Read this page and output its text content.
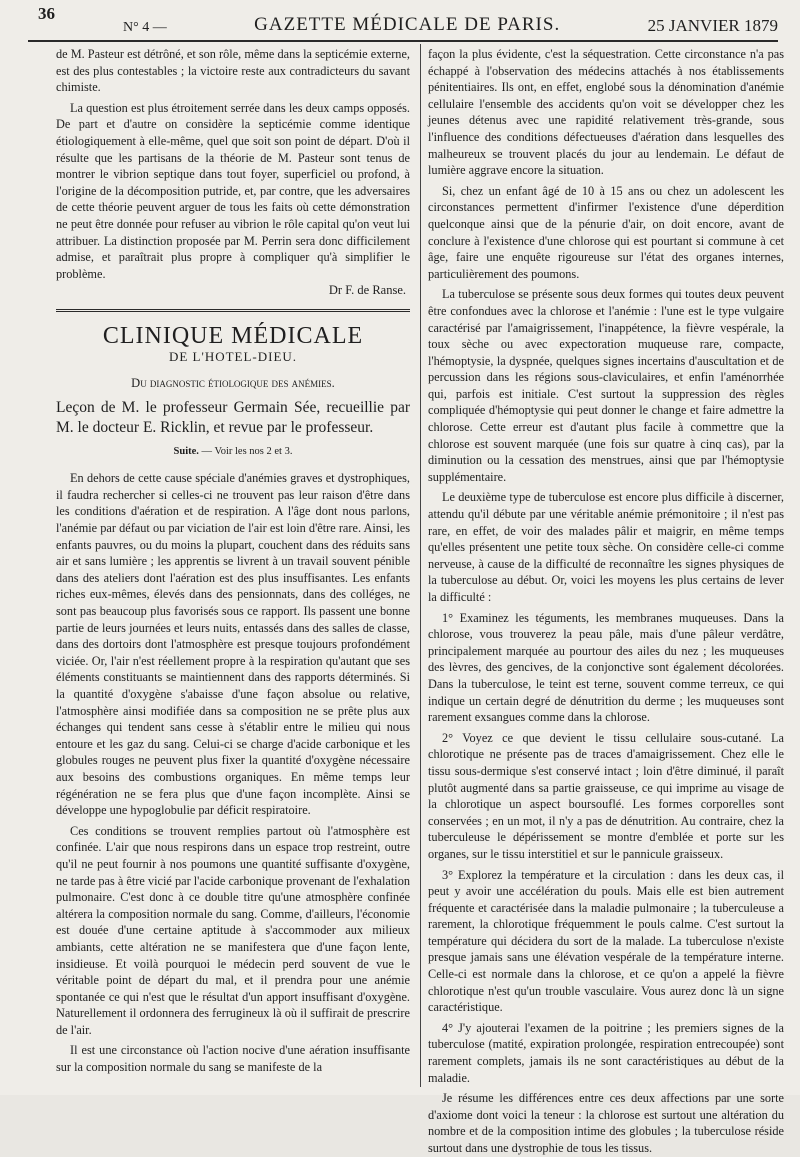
36
N° 4 —	GAZETTE MÉDICALE DE PARIS.	25 JANVIER 1879

de M. Pasteur est détrôné, et son rôle, même dans la septicémie externe, est des plus contestables ; la victoire reste aux contradicteurs du savant chimiste.

La question est plus étroitement serrée dans les deux camps opposés. De part et d'autre on considère la septicémie comme identique étiologiquement à elle-même, quel que soit son point de départ. D'où il résulte que les partisans de la théorie de M. Pasteur sont tenus de montrer le vibrion septique dans tout foyer, superficiel ou profond, à l'origine de la décomposition putride, et, par contre, que les adversaires de cette théorie peuvent arguer de tous les faits où cette démonstration ne peut être donnée pour refuser au vibrion le rôle capital qu'on veut lui attribuer. La distinction proposée par M. Perrin sera donc difficilement admise, et paraîtrait plus propre à compliquer qu'à simplifier le problème.

Dr F. de Ranse.
CLINIQUE MÉDICALE
DE L'HOTEL-DIEU.
Du diagnostic étiologique des anémies.
Leçon de M. le professeur Germain Sée, recueillie par M. le docteur E. Ricklin, et revue par le professeur.
Suite. — Voir les nos 2 et 3.

En dehors de cette cause spéciale d'anémies graves et dystrophiques, il faudra rechercher si celles-ci ne trouvent pas leur raison d'être dans les conditions d'aération et de respiration. A l'âge dont nous parlons, l'anémie par défaut ou par viciation de l'air est loin d'être rare. Ainsi, les enfants pauvres, ou du moins la plupart, couchent dans des réduits sans air et sans lumière ; les apprentis se livrent à un travail souvent pénible dans des ateliers dont l'aération est des plus insuffisantes. Les enfants riches eux-mêmes, élevés dans des pensionnats, dans des colléges, ne sont pas beaucoup plus favorisés sous ce rapport. Ils passent une bonne partie de leurs journées et leurs nuits, entassés dans des salles de classe, dans des dortoirs dont l'atmosphère est presque toujours profondément viciée. Or, l'air n'est réellement propre à la respiration qu'autant que ses éléments constituants se maintiennent dans des rapports déterminés. Si la quantité d'oxygène s'abaisse d'une façon absolue ou relative, l'atmosphère ainsi modifiée dans sa composition ne se prête plus aux échanges qui tendent sans cesse à s'établir entre le milieu qui nous entoure et les gaz du sang. Celui-ci se charge d'acide carbonique et les globules rouges ne peuvent plus fixer la quantité d'oxygène nécessaire aux besoins des combustions organiques. En même temps leur régénération ne se fera plus que d'une façon incomplète. Ainsi se développe une hypoglobulie par déficit respiratoire.

Ces conditions se trouvent remplies partout où l'atmosphère est confinée. L'air que nous respirons dans un espace trop restreint, outre qu'il ne peut fournir à nos poumons une quantité suffisante d'oxygène, ne tarde pas à être vicié par l'acide carbonique provenant de l'exhalation pulmonaire. C'est donc à ce double titre qu'une atmosphère confinée altérera la composition normale du sang. Comme, d'ailleurs, l'économie est douée d'une certaine aptitude à s'accommoder aux milieux ambiants, cette altération ne se manifestera que d'une façon lente, insidieuse. Et voilà pourquoi le médecin perd souvent de vue le véritable point de départ du mal, et il prendra pour une anémie spontanée ce qui n'est que le résultat d'un apport insuffisant d'oxygène. Naturellement il ordonnera des ferrugineux là où il suffirait de prescrire de l'air.

Il est une circonstance où l'action nocive d'une aération insuffisante sur la composition normale du sang se manifeste de la

façon la plus évidente, c'est la séquestration. Cette circonstance n'a pas échappé à l'observation des médecins attachés à nos établissements pénitentiaires. Ils ont, en effet, englobé sous la dénomination d'anémie cellulaire l'ensemble des accidents qu'on voit se développer chez les jeunes détenus avec une rapidité relativement très-grande, sous l'influence des conditions défectueuses d'aération dans lesquelles des malheureux se trouvent placés du jour au lendemain. Le défaut de lumière aggrave encore la situation.

Si, chez un enfant âgé de 10 à 15 ans ou chez un adolescent les circonstances permettent d'infirmer l'existence d'une déperdition quelconque ainsi que de la pénurie d'air, on doit encore, avant de conclure à l'existence d'une chlorose qui est pourtant si commune à cet âge, faire une enquête rigoureuse sur l'état des organes internes, particulièrement des poumons.

La tuberculose se présente sous deux formes qui toutes deux peuvent être confondues avec la chlorose et l'anémie : l'une est le type vulgaire caractérisé par l'amaigrissement, l'inappétence, la fièvre vespérale, la toux sèche ou avec expectoration muqueuse rare, compacte, l'hémoptysie, la dyspnée, quelques signes incertains d'auscultation et de percussion dans les régions sous-claviculaires, et enfin l'aménorrhée qui, parfois est initiale. C'est surtout la suppression des règles compliquée d'hémoptysie qui peut donner le change et faire admettre la chlorose. Cette erreur est d'autant plus facile à commettre que la chlorose est souvent marquée (une fois sur quatre à cinq cas), par la diminution ou la cessation des menstrues, ainsi que par l'hémoptysie supplémentaire.

Le deuxième type de tuberculose est encore plus difficile à discerner, attendu qu'il débute par une véritable anémie prémonitoire ; il n'est pas rare, en effet, de voir des malades pâlir et maigrir, en même temps qu'elles présentent une petite toux sèche. On considère celle-ci comme nerveuse, à cause de la difficulté de reconnaître les signes physiques de la tuberculose au début. Or, voici les moyens les plus certains de lever la difficulté :

1° Examinez les téguments, les membranes muqueuses. Dans la chlorose, vous trouverez la peau pâle, mais d'une pâleur verdâtre, principalement marquée au pourtour des ailes du nez ; les muqueuses des lèvres, des gencives, de la conjonctive sont également décolorées. Dans la tuberculose, le teint est terne, souvent comme terreux, ce qui indique un certain degré de dénutrition du derme ; les muqueuses sont rarement exsangues comme dans la chlorose.

2° Voyez ce que devient le tissu cellulaire sous-cutané. La chlorotique ne présente pas de traces d'amaigrissement. Chez elle le tissu sous-dermique s'est conservé intact ; loin d'être diminué, il paraît plutôt augmenté dans sa partie graisseuse, ce qui imprime au visage de la chlorotique un aspect boursouflé. Les formes corporelles sont conservées ; en un mot, il n'y a pas de dénutrition. Au contraire, chez la tuberculeuse le dépérissement se montre d'emblée et porte sur les organes, sur le tissu interstitiel et sur le pannicule graisseux.

3° Explorez la température et la circulation : dans les deux cas, il peut y avoir une accélération du pouls. Mais elle est bien autrement fréquente et caractérisée dans la maladie pulmonaire ; la tuberculeuse a rarement, la chlorotique fréquemment le pouls calme. C'est surtout la température qui décidera du sort de la malade. La tuberculose n'existe presque jamais sans une élévation vespérale de la température interne. Celle-ci est normale dans la chlorose, et ce qu'on a appelé la fièvre chlorotique n'est qu'un trouble vasculaire. Vous aurez donc là un signe caractéristique.

4° J'y ajouterai l'examen de la poitrine ; les premiers signes de la tuberculose (matité, expiration prolongée, respiration entrecoupée) sont rarement complets, jamais ils ne sont caractéristiques au début de la maladie.

Je résume les différences entre ces deux affections par une sorte d'axiome dont voici la teneur : la chlorose est surtout une altération du nombre et de la composition intime des globules ; la tuberculose réside surtout dans une dystrophie de tous les tissus.
